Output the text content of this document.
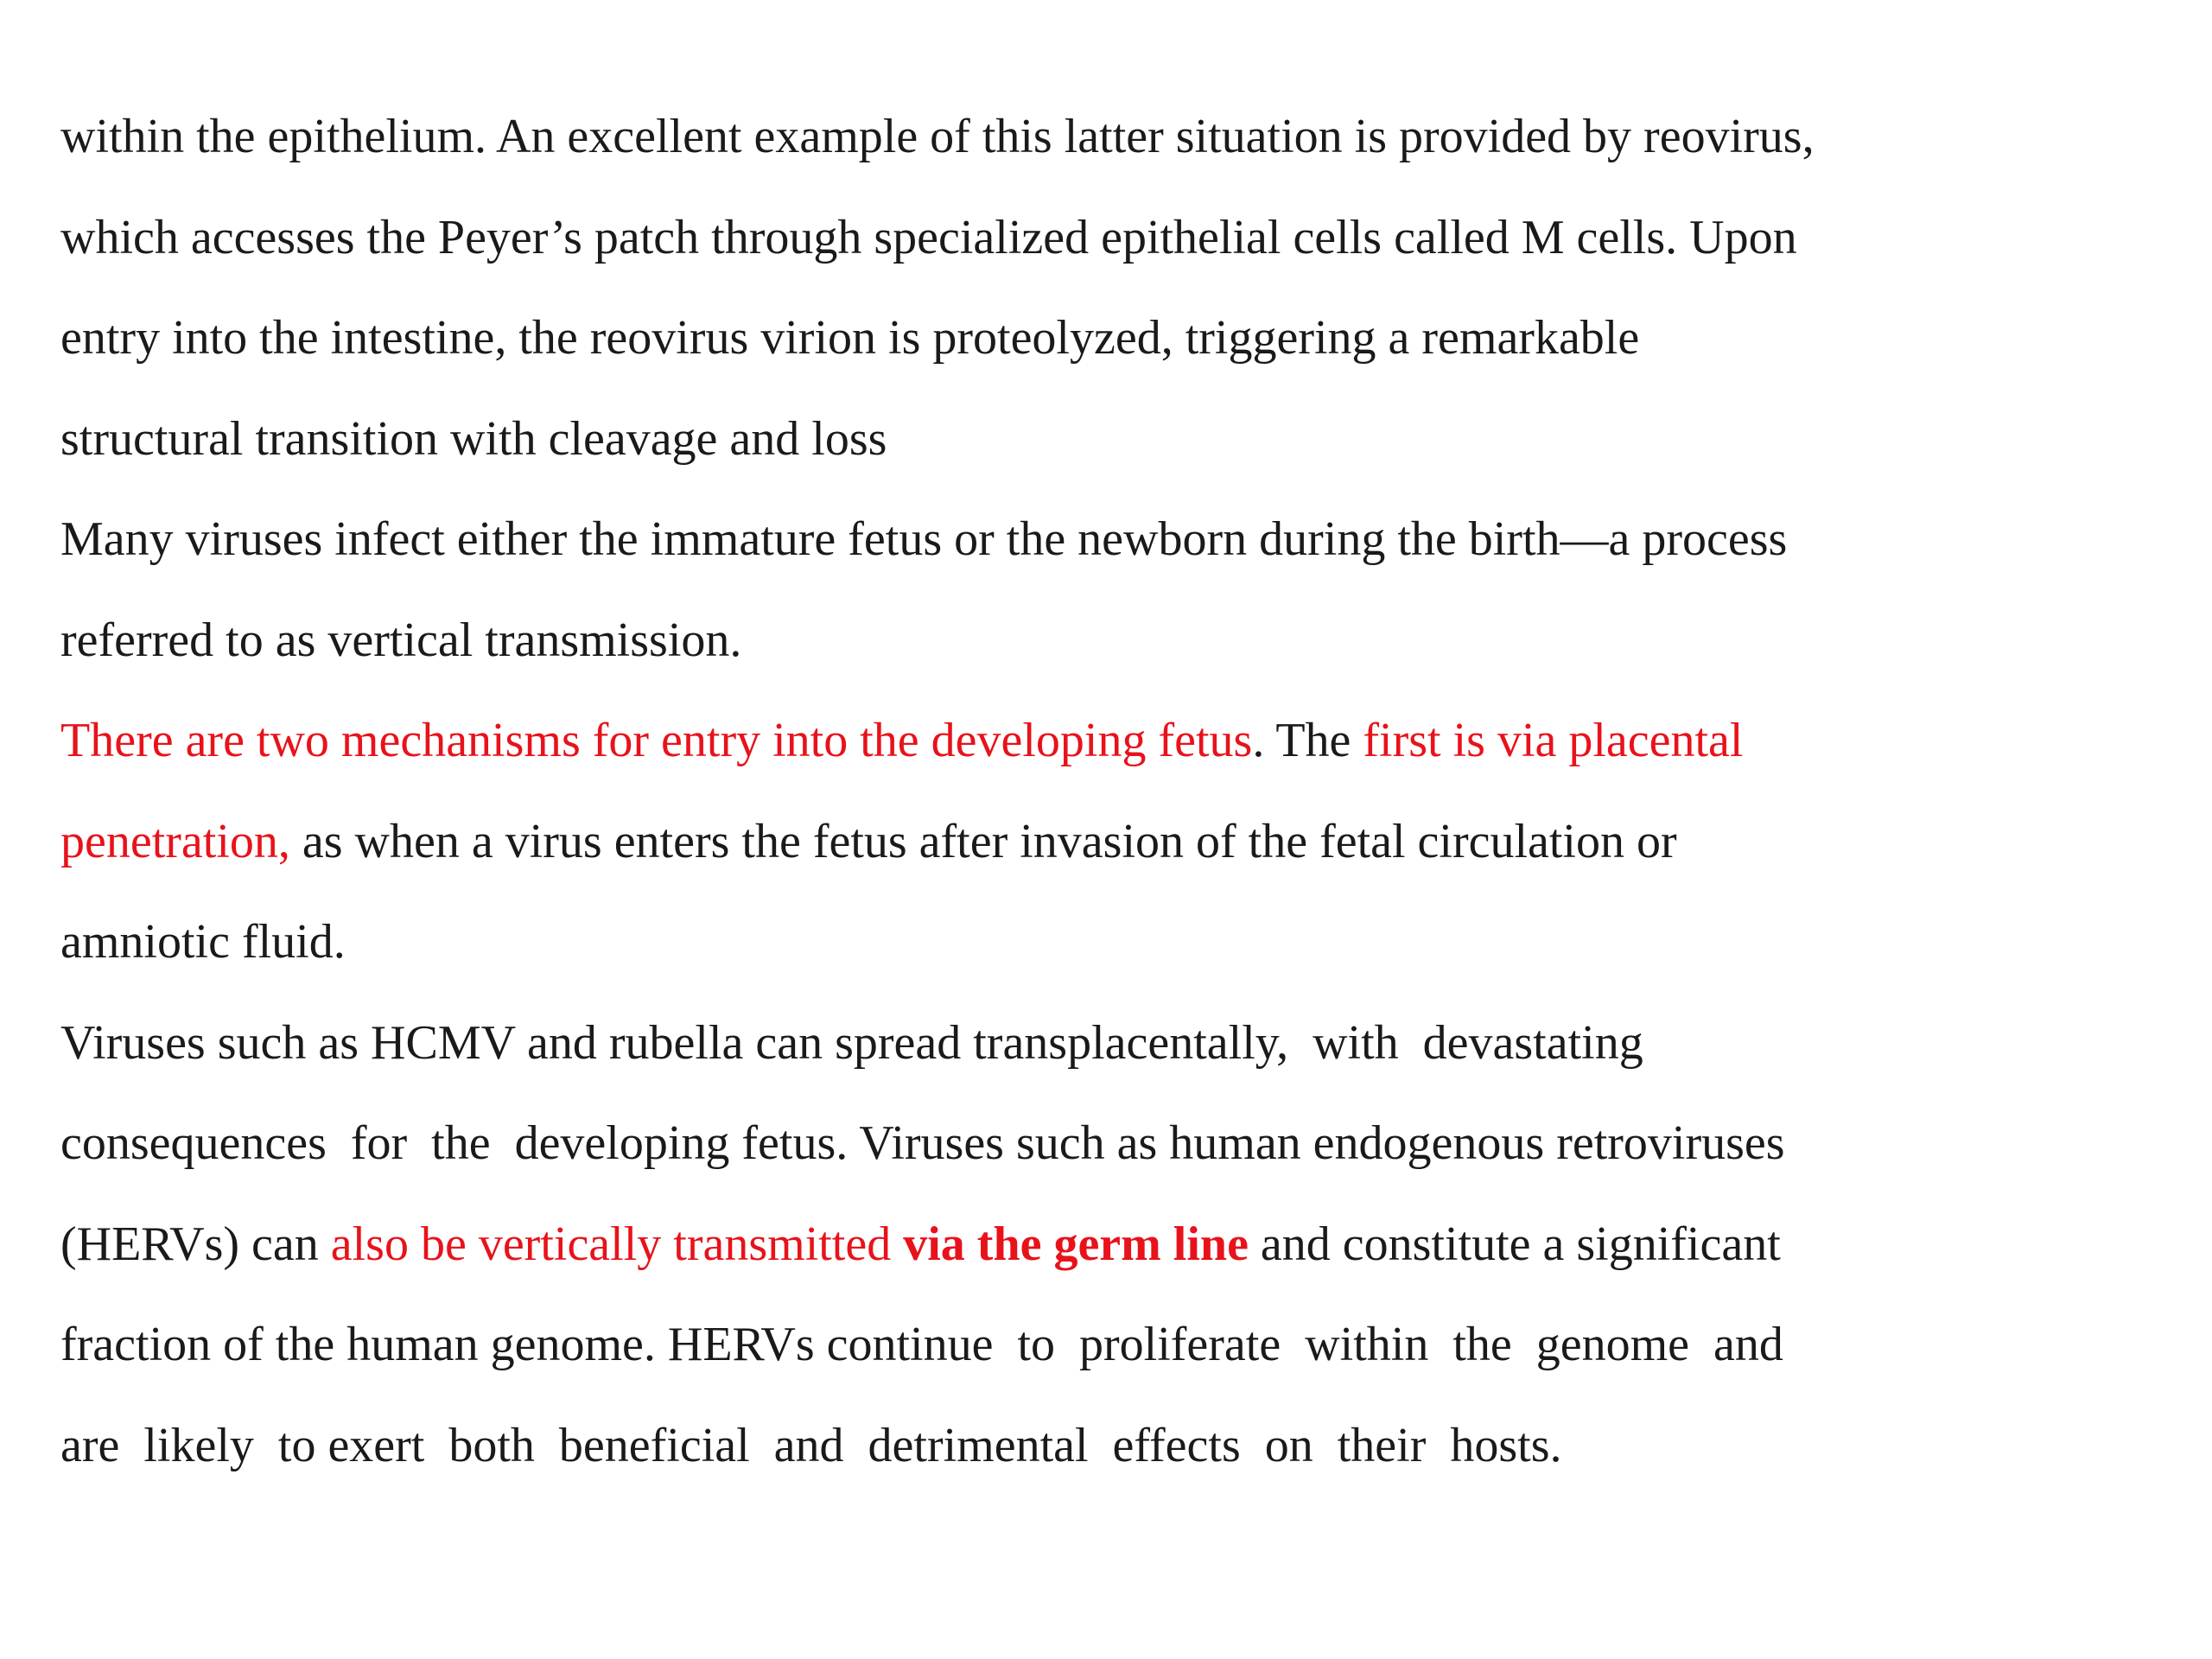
within the epithelium. An excellent example of this latter situation is provided by reovirus,
which accesses the Peyer’s patch through specialized epithelial cells called M cells. Upon
entry into the intestine, the reovirus virion is proteolyzed, triggering a remarkable
structural transition with cleavage and loss
Many viruses infect either the immature fetus or the newborn during the birth—a process
referred to as vertical transmission.
There are two mechanisms for entry into the developing fetus. The first is via placental
penetration, as when a virus enters the fetus after invasion of the fetal circulation or
amniotic fluid.
Viruses such as HCMV and rubella can spread transplacentally,  with  devastating
consequences  for  the  developing fetus. Viruses such as human endogenous retroviruses
(HERVs) can also be vertically transmitted via the germ line and constitute a significant
fraction of the human genome. HERVs continue  to  proliferate  within  the  genome  and
are  likely  to exert  both  beneficial  and  detrimental  effects  on  their  hosts.
